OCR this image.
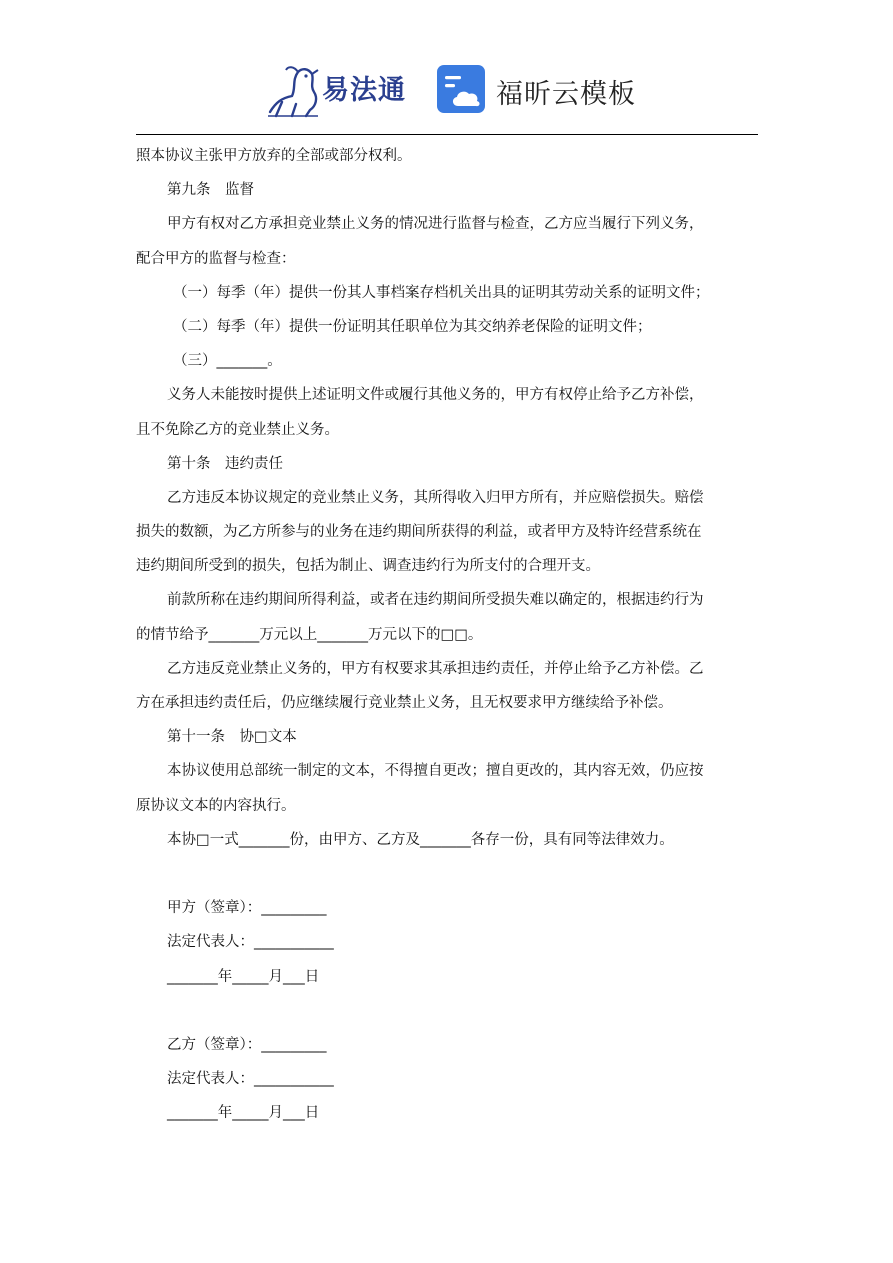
易法通	福昕云模板
照本协议主张甲方放弃的全部或部分权利。
第九条　监督
甲方有权对乙方承担竞业禁止义务的情况进行监督与检查，乙方应当履行下列义务，
配合甲方的监督与检查：
（一）每季（年）提供一份其人事档案存档机关出具的证明其劳动关系的证明文件；
（二）每季（年）提供一份证明其任职单位为其交纳养老保险的证明文件；
（三）_______。
义务人未能按时提供上述证明文件或履行其他义务的，甲方有权停止给予乙方补偿，
且不免除乙方的竞业禁止义务。
第十条　违约责任
乙方违反本协议规定的竞业禁止义务，其所得收入归甲方所有，并应赔偿损失。赔偿
损失的数额，为乙方所参与的业务在违约期间所获得的利益，或者甲方及特许经营系统在
违约期间所受到的损失，包括为制止、调查违约行为所支付的合理开支。
前款所称在违约期间所得利益，或者在违约期间所受损失难以确定的，根据违约行为
的情节给予_______万元以上_______万元以下的□□。
乙方违反竞业禁止义务的，甲方有权要求其承担违约责任，并停止给予乙方补偿。乙
方在承担违约责任后，仍应继续履行竞业禁止义务，且无权要求甲方继续给予补偿。
第十一条　协□文本
本协议使用总部统一制定的文本，不得擅自更改；擅自更改的，其内容无效，仍应按
原协议文本的内容执行。
本协□一式_______份，由甲方、乙方及_______各存一份，具有同等法律效力。
甲方（签章）：_________
法定代表人：___________
_______年_____月___日
乙方（签章）：_________
法定代表人：___________
_______年_____月___日
